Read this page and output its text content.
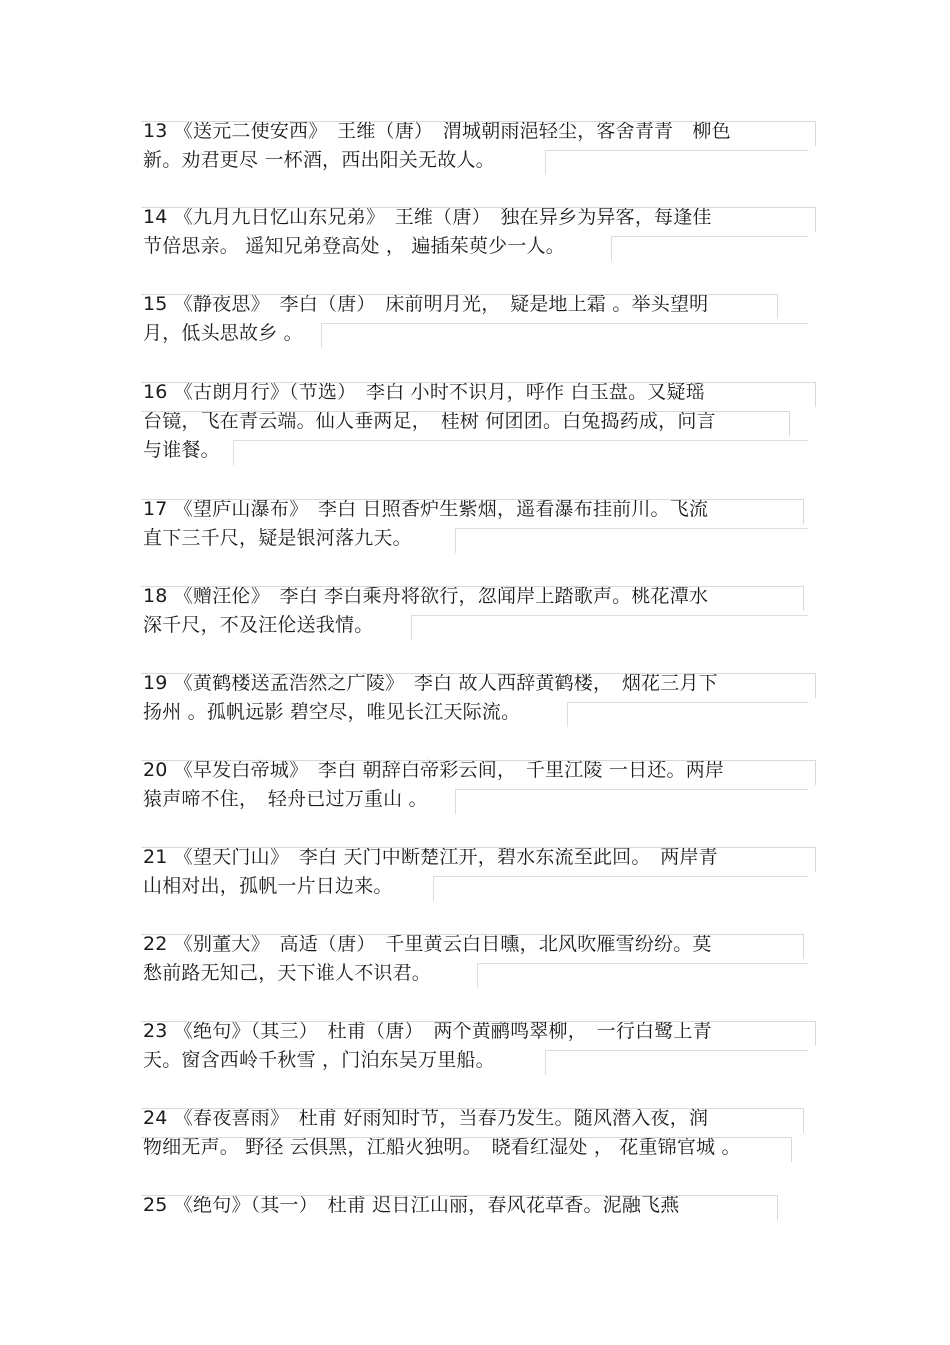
13 《送元二使安西》　王维（唐）　渭城朝雨浥轻尘，客舍青青　柳色
新。劝君更尽 一杯酒，西出阳关无故人。
14 《九月九日忆山东兄弟》　王维（唐）　独在异乡为异客，每逢佳
节倍思亲。 遥知兄弟登高处 ， 遍插茱萸少一人。
15 《静夜思》　李白（唐）　床前明月光，　疑是地上霜 。举头望明
月，低头思故乡 。
16 《古朗月行》（节选）　李白 小时不识月，呼作 白玉盘。又疑瑶
台镜，飞在青云端。仙人垂两足，　桂树 何团团。白兔捣药成，问言
与谁餐。
17 《望庐山瀑布》　李白 日照香炉生紫烟，遥看瀑布挂前川。飞流
直下三千尺，疑是银河落九天。
18 《赠汪伦》　李白 李白乘舟将欲行，忽闻岸上踏歌声。桃花潭水
深千尺，不及汪伦送我情。
19 《黄鹤楼送孟浩然之广陵》　李白 故人西辞黄鹤楼，　烟花三月下
扬州 。孤帆远影 碧空尽，唯见长江天际流。
20 《早发白帝城》　李白 朝辞白帝彩云间，　千里江陵 一日还。两岸
猿声啼不住，　轻舟已过万重山 。
21 《望天门山》　李白 天门中断楚江开，碧水东流至此回。　两岸青
山相对出，孤帆一片日边来。
22 《别董大》　高适（唐）　千里黄云白日曛，北风吹雁雪纷纷。莫
愁前路无知己，天下谁人不识君。
23 《绝句》（其三）　杜甫（唐）　两个黄鹂鸣翠柳，　一行白鹭上青
天。窗含西岭千秋雪 ，门泊东吴万里船。
24 《春夜喜雨》　杜甫 好雨知时节，当春乃发生。随风潜入夜，润
物细无声。 野径 云俱黑，江船火独明。　晓看红湿处 ， 花重锦官城 。
25 《绝句》（其一）　杜甫 迟日江山丽，春风花草香。泥融飞燕
